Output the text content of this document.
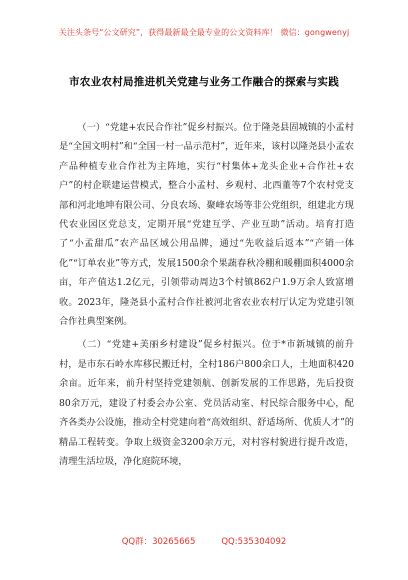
关注头条号“公文研究”，获得最新最全最专业的公文资料库！ 微信：gongwenyj
市农业农村局推进机关党建与业务工作融合的探索与实践

（一）“党建+农民合作社”促乡村振兴。位于隆尧县固城镇的小孟村是“全国文明村”和“全国一村一品示范村”，近年来，该村以隆尧县小孟农产品种植专业合作社为主阵地，实行“村集体+龙头企业+合作社+农户”的村企联建运营模式，整合小孟村、乡观村、北西董等7个农村党支部和河北地坤有限公司、分良农场、聚峰农场等非公党组织，组建北方现代农业园区党总支，定期开展“党建互学、产业互助”活动。培育打造了“小孟甜瓜”农产品区域公用品牌，通过“先收益后返本”“产销一体化”“订单农业”等方式，发展1500余个果蔬春秋冷棚和暖棚面积4000余亩，年产值达1.2亿元，引领带动周边3个村镇862户1.9万余人致富增收。2023年，隆尧县小孟村合作社被河北省农业农村厅认定为党建引领合作社典型案例。

（二）“党建+美丽乡村建设”促乡村振兴。位于*市新城镇的前升村，是市东石岭水库移民搬迁村，全村186户800余口人，土地面积420余亩。近年来，前升村坚持党建领航、创新发展的工作思路，先后投资80余万元，建设了村委会办公室、党员活动室、村民综合服务中心，配齐各类办公设施，推动全村党建向着“高效组织、舒适场所、优质人才”的精品工程转变。争取上级资金3200余万元，对村容村貌进行提升改造，清理生活垃圾，净化庭院环境，

QQ群：30265665	QQ:535304092
